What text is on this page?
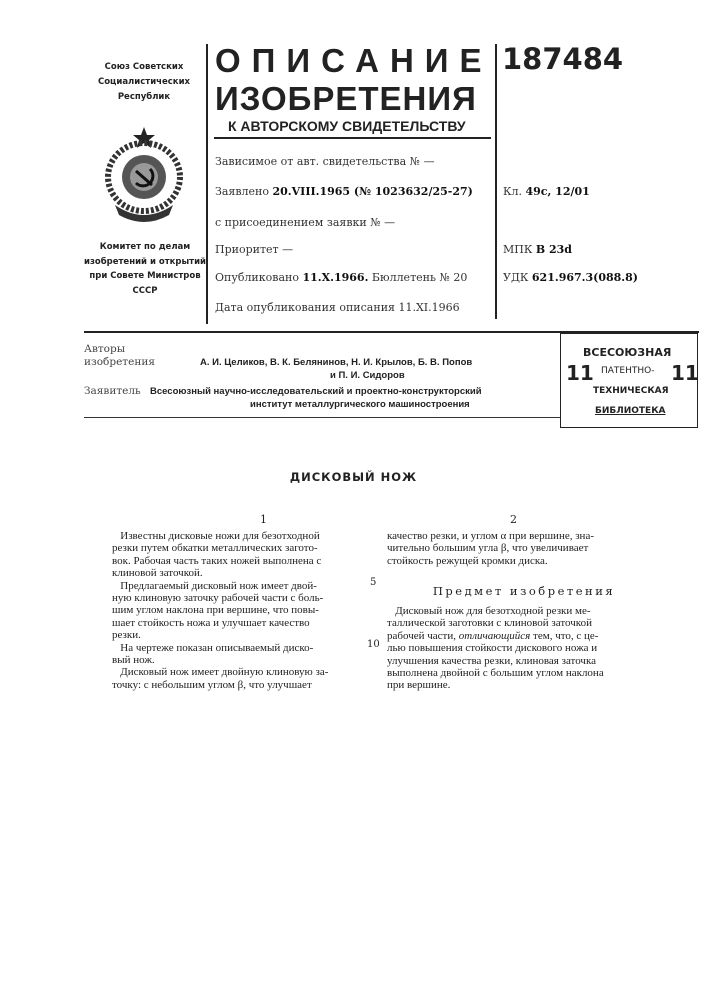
Союз Советских
Социалистических
Республик
Комитет по делам
изобретений и открытий
при Совете Министров
СССР
ОПИСАНИЕ
ИЗОБРЕТЕНИЯ
К АВТОРСКОМУ СВИДЕТЕЛЬСТВУ
187484
Зависимое от авт. свидетельства № —
Заявлено 20.VIII.1965 (№ 1023632/25-27)
с присоединением заявки № —
Приоритет —
Опубликовано 11.X.1966. Бюллетень № 20
Дата опубликования описания 11.XI.1966
Кл. 49с, 12/01
МПК В 23d
УДК 621.967.3(088.8)
Авторы
изобретения	А. И. Целиков, В. К. Белянинов, Н. И. Крылов, Б. В. Попов
и П. И. Сидоров
Заявитель Всесоюзный научно-исследовательский и проектно-конструкторский
институт металлургического машиностроения
ВСЕСОЮЗНАЯ
11	11
ПАТЕНТНО-
ТЕХНИЧЕСКАЯ
БИБЛИОТЕКА
ДИСКОВЫЙ НОЖ
1	2
Известны дисковые ножи для безотходной
резки путем обкатки металлических загото-
вок. Рабочая часть таких ножей выполнена с
клиновой заточкой.
Предлагаемый дисковый нож имеет двой-
ную клиновую заточку рабочей части с боль-
шим углом наклона при вершине, что повы-
шает стойкость ножа и улучшает качество
резки.
На чертеже показан описываемый диско-
вый нож.
Дисковый нож имеет двойную клиновую за-
точку: с небольшим углом β, что улучшает
5
10
качество резки, и углом α при вершине, зна-
чительно большим угла β, что увеличивает
стойкость режущей кромки диска.
Предмет изобретения
Дисковый нож для безотходной резки ме-
таллической заготовки с клиновой заточкой
рабочей части, отличающийся тем, что, с це-
лью повышения стойкости дискового ножа и
улучшения качества резки, клиновая заточка
выполнена двойной с большим углом наклона
при вершине.
